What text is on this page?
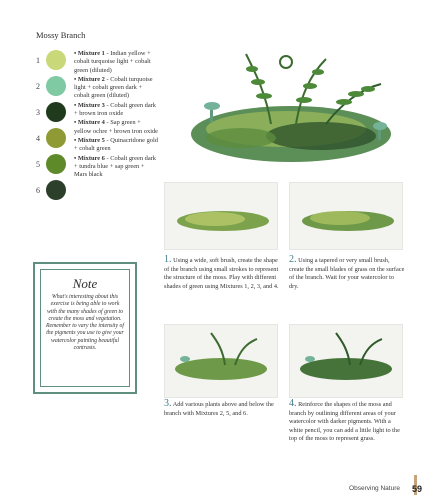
Mossy Branch
1
2
3
4
5
6
• Mixture 1 - Indian yellow + cobalt turquoise light + cobalt green (diluted)
• Mixture 2 - Cobalt turquoise light + cobalt green dark + cobalt green (diluted)
• Mixture 3 - Cobalt green dark + brown iron oxide
• Mixture 4 - Sap green + yellow ochre + brown iron oxide
• Mixture 5 - Quinacridone gold + cobalt green
• Mixture 6 - Cobalt green dark + tundra blue + sap green + Mars black
1. Using a wide, soft brush, create the shape of the branch using small strokes to represent the structure of the moss. Play with different shades of green using Mixtures 1, 2, 3, and 4.
2. Using a tapered or very small brush, create the small blades of grass on the surface of the branch. Wait for your watercolor to dry.
3. Add various plants above and below the branch with Mixtures 2, 5, and 6.
4. Reinforce the shapes of the moss and branch by outlining different areas of your watercolor with darker pigments. With a white pencil, you can add a little light to the top of the moss to represent grass.
Note
What's interesting about this exercise is being able to work with the many shades of green to create the moss and vegetation. Remember to vary the intensity of the pigments you use to give your watercolor painting beautiful contrasts.
Observing Nature 59
